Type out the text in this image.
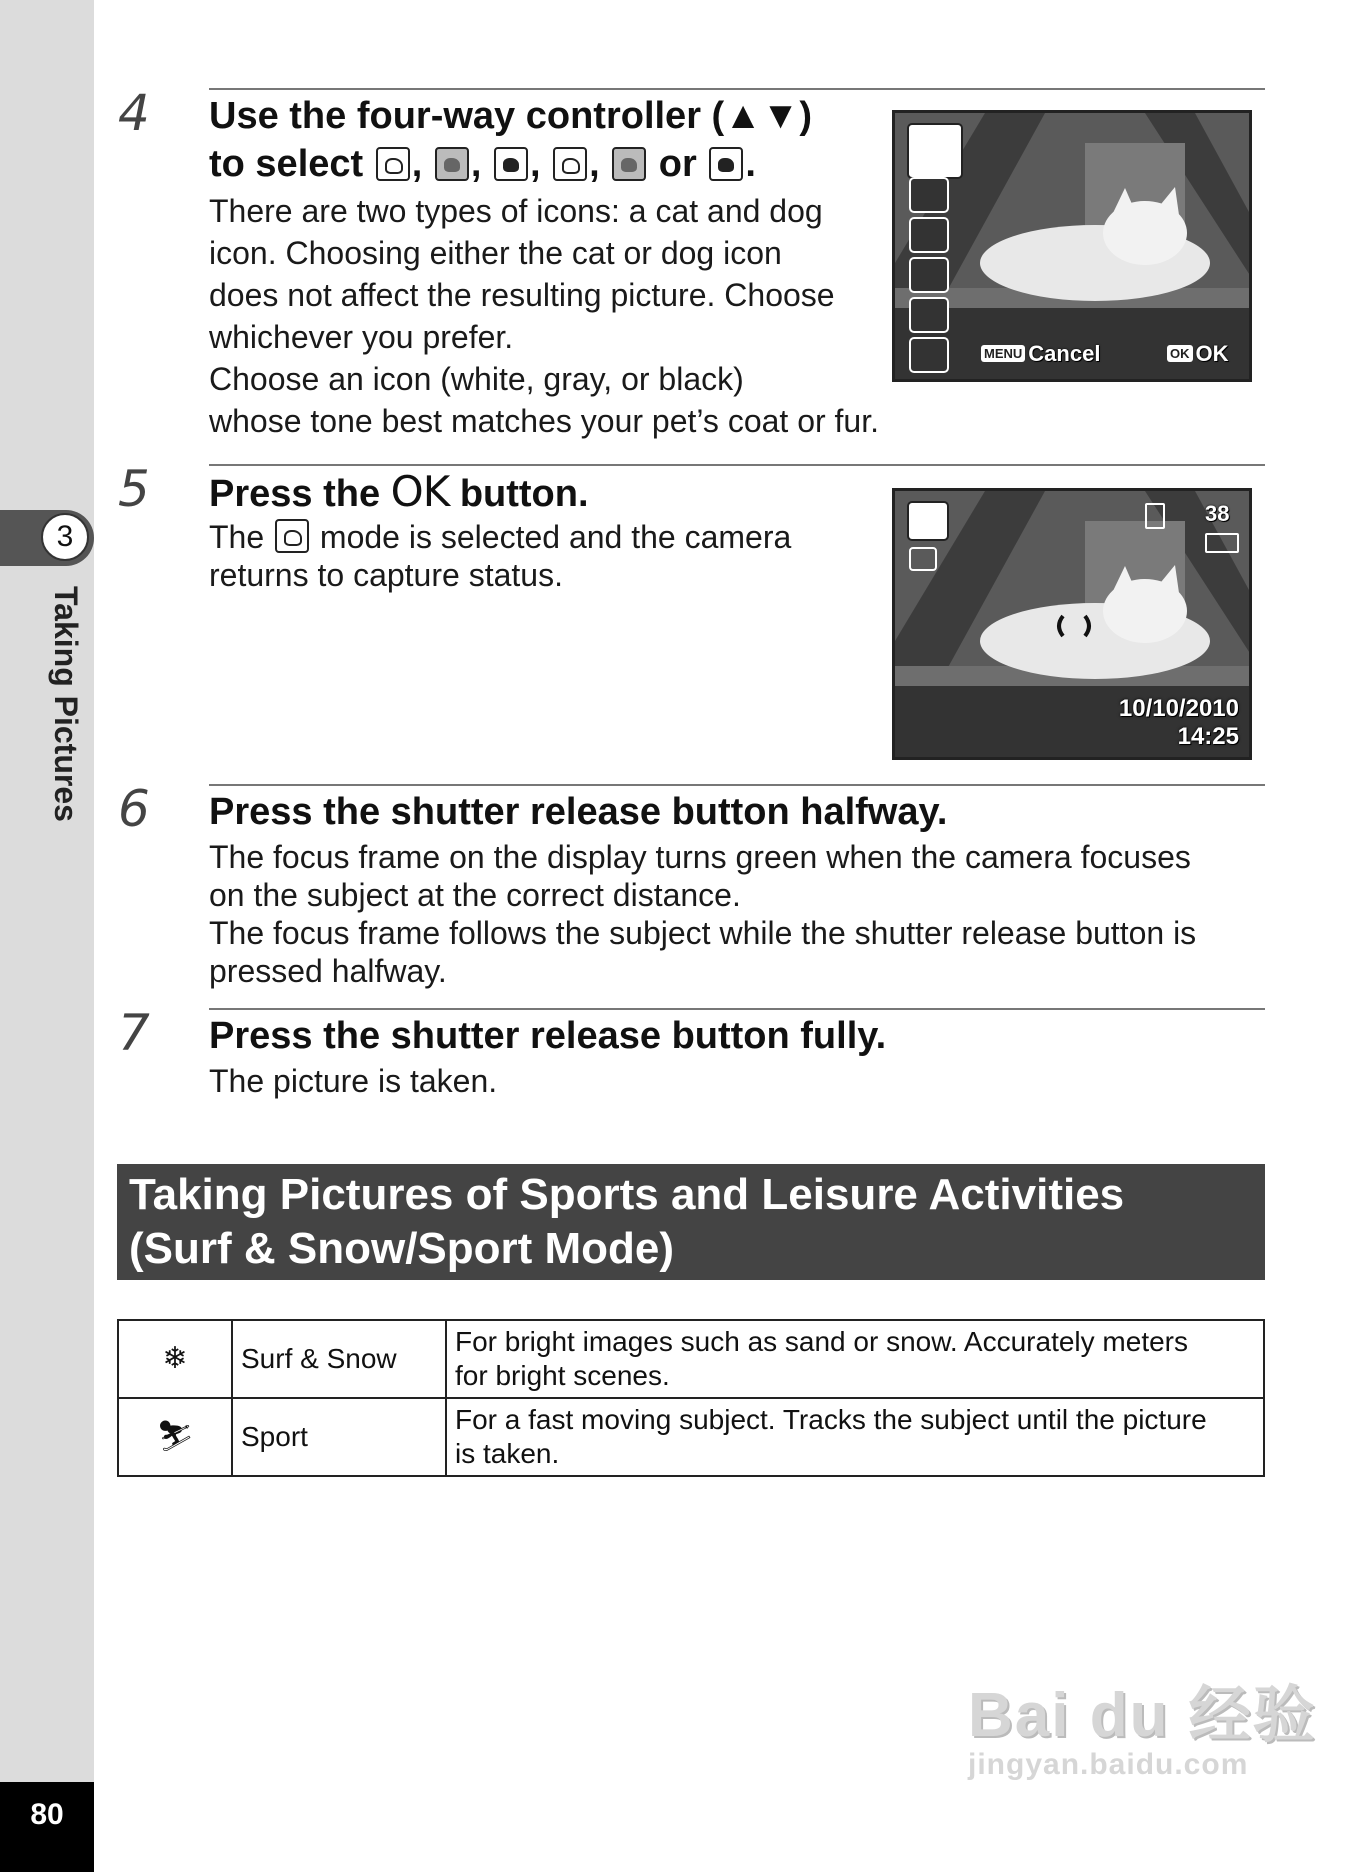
3
Taking Pictures
80
4 Use the four-way controller (▲▼)
to select , , , ,  or .
There are two types of icons: a cat and dog
icon. Choosing either the cat or dog icon
does not affect the resulting picture. Choose
whichever you prefer.
Choose an icon (white, gray, or black)
whose tone best matches your pet’s coat or fur.
MENU Cancel	OK OK
5 Press the OK button.
The mode is selected and the camera
returns to capture status.
38
10/10/2010
14:25
6 Press the shutter release button halfway.
The focus frame on the display turns green when the camera focuses
on the subject at the correct distance.
The focus frame follows the subject while the shutter release button is
pressed halfway.
7 Press the shutter release button fully.
The picture is taken.
Taking Pictures of Sports and Leisure Activities
(Surf & Snow/Sport Mode)
❄	Surf & Snow	For bright images such as sand or snow. Accurately meters
for bright scenes.

⛷	Sport	For a fast moving subject. Tracks the subject until the picture
is taken.
Bai du 经验
jingyan.baidu.com
